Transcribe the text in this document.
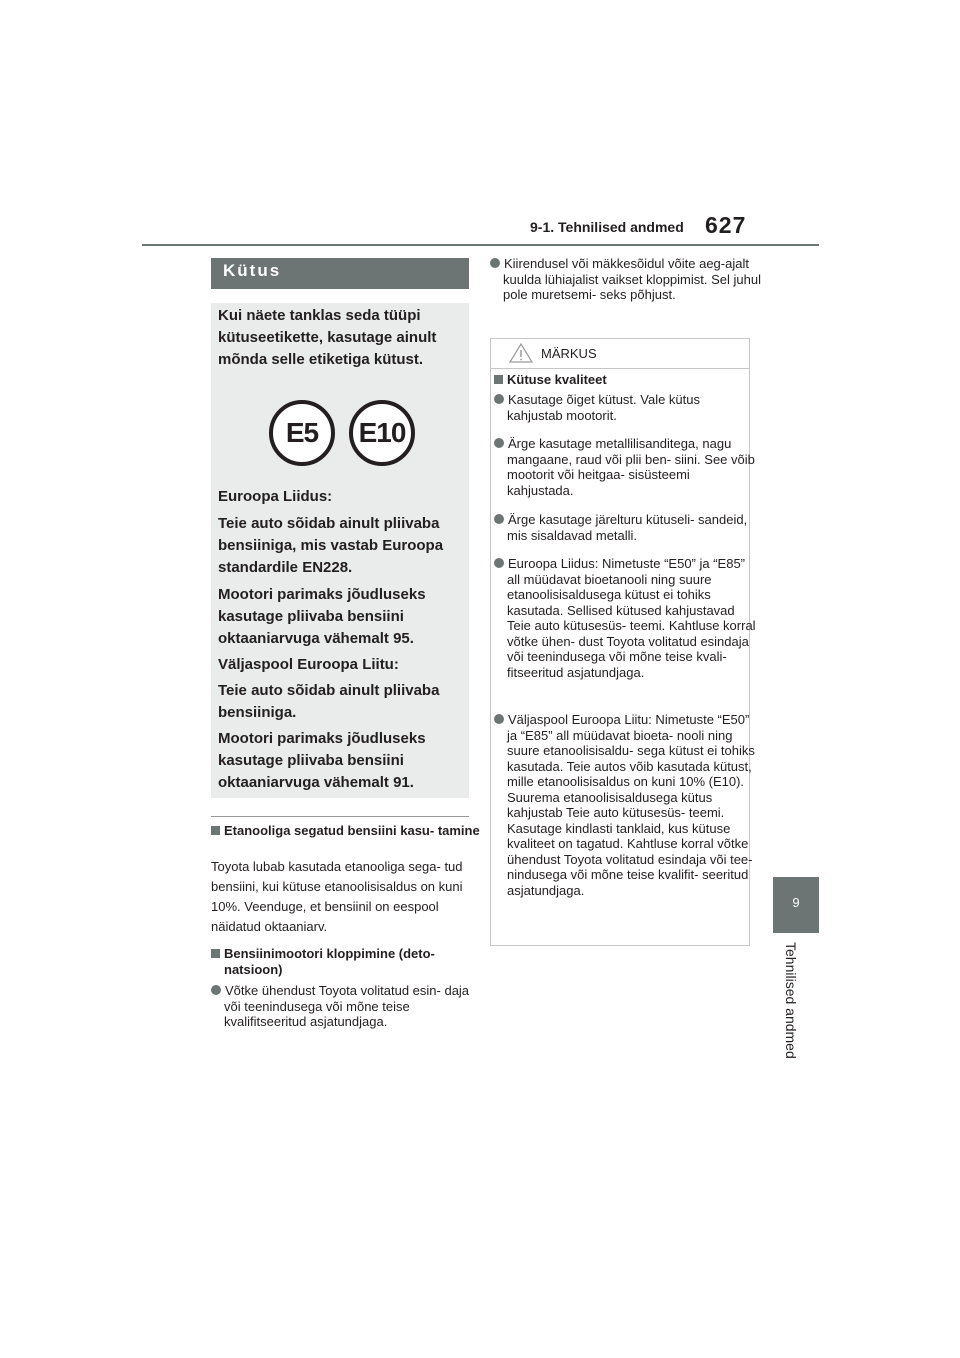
9-1. Tehnilised andmed 627
9
Tehnilised andmed
Kütus
Kui näete tanklas seda tüüpi kütuseetikette, kasutage ainult mõnda selle etiketiga kütust.
E5	E10
Euroopa Liidus:
Teie auto sõidab ainult pliivaba bensiiniga, mis vastab Euroopa standardile EN228.
Mootori parimaks jõudluseks kasutage pliivaba bensiini oktaaniarvuga vähemalt 95.
Väljaspool Euroopa Liitu:
Teie auto sõidab ainult pliivaba bensiiniga.
Mootori parimaks jõudluseks kasutage pliivaba bensiini oktaaniarvuga vähemalt 91.
Etanooliga segatud bensiini kasu- tamine
Toyota lubab kasutada etanooliga sega- tud bensiini, kui kütuse etanoolisisaldus on kuni 10%. Veenduge, et bensiinil on eespool näidatud oktaaniarv.
Bensiinimootori kloppimine (deto- natsioon)
Võtke ühendust Toyota volitatud esin- daja või teenindusega või mõne teise kvalifitseeritud asjatundjaga.
Kiirendusel või mäkkesõidul võite aeg-ajalt kuulda lühiajalist vaikset kloppimist. Sel juhul pole muretsemi- seks põhjust.
MÄRKUS
Kütuse kvaliteet
Kasutage õiget kütust. Vale kütus kahjustab mootorit.
Ärge kasutage metallilisanditega, nagu mangaane, raud või plii ben- siini. See võib mootorit või heitgaa- sisüsteemi kahjustada.
Ärge kasutage järelturu kütuseli- sandeid, mis sisaldavad metalli.
Euroopa Liidus: Nimetuste “E50” ja “E85” all müüdavat bioetanooli ning suure etanoolisisaldusega kütust ei tohiks kasutada. Sellised kütused kahjustavad Teie auto kütusesüs- teemi. Kahtluse korral võtke ühen- dust Toyota volitatud esindaja või teenindusega või mõne teise kvali- fitseeritud asjatundjaga.
Väljaspool Euroopa Liitu: Nimetuste “E50” ja “E85” all müüdavat bioeta- nooli ning suure etanoolisisaldu- sega kütust ei tohiks kasutada. Teie autos võib kasutada kütust, mille etanoolisisaldus on kuni 10% (E10). Suurema etanoolisisaldusega kütus kahjustab Teie auto kütusesüs- teemi. Kasutage kindlasti tanklaid, kus kütuse kvaliteet on tagatud. Kahtluse korral võtke ühendust Toyota volitatud esindaja või tee- nindusega või mõne teise kvalifit- seeritud asjatundjaga.
